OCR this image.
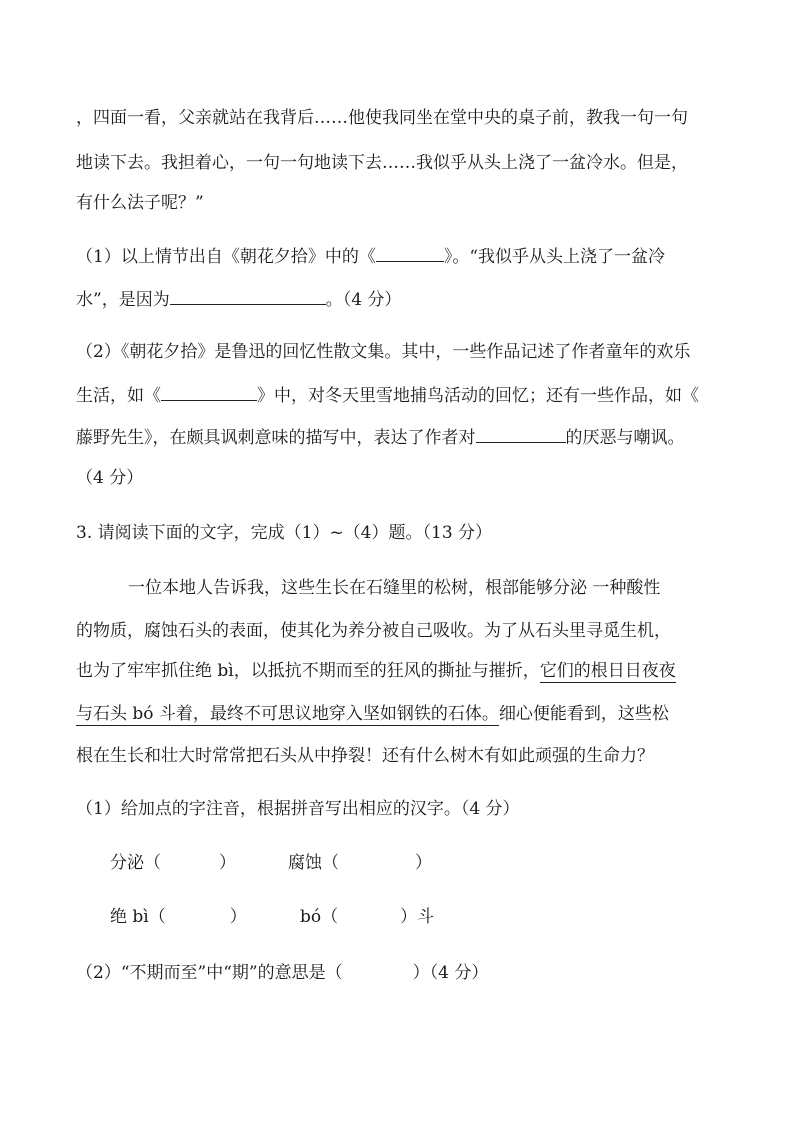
，四面一看，父亲就站在我背后……他使我同坐在堂中央的桌子前，教我一句一句
地读下去。我担着心，一句一句地读下去……我似乎从头上浇了一盆冷水。但是，
有什么法子呢？”
（1）以上情节出自《朝花夕拾》中的《	》。“我似乎从头上浇了一盆冷
水”，是因为	。（4 分）
（2）《朝花夕拾》是鲁迅的回忆性散文集。其中，一些作品记述了作者童年的欢乐
生活，如《	》中，对冬天里雪地捕鸟活动的回忆；还有一些作品，如《
藤野先生》，在颇具讽刺意味的描写中，表达了作者对	的厌恶与嘲讽。
（4 分）
3. 请阅读下面的文字，完成（1）~（4）题。（13 分）
一位本地人告诉我，这些生长在石缝里的松树，根部能够分泌 一种酸性
的物质，腐蚀石头的表面，使其化为养分被自己吸收。为了从石头里寻觅生机，
也为了牢牢抓住绝 bì，以抵抗不期而至的狂风的撕扯与摧折，它们的根日日夜夜
与石头 bó 斗着，最终不可思议地穿入坚如钢铁的石体。细心便能看到，这些松
根在生长和壮大时常常把石头从中挣裂！还有什么树木有如此顽强的生命力？
（1）给加点的字注音，根据拼音写出相应的汉字。（4 分）
分泌（	）	腐蚀（	）
绝 bì（	）	bó（	）斗
（2）“不期而至”中“期”的意思是（	）（4 分）
